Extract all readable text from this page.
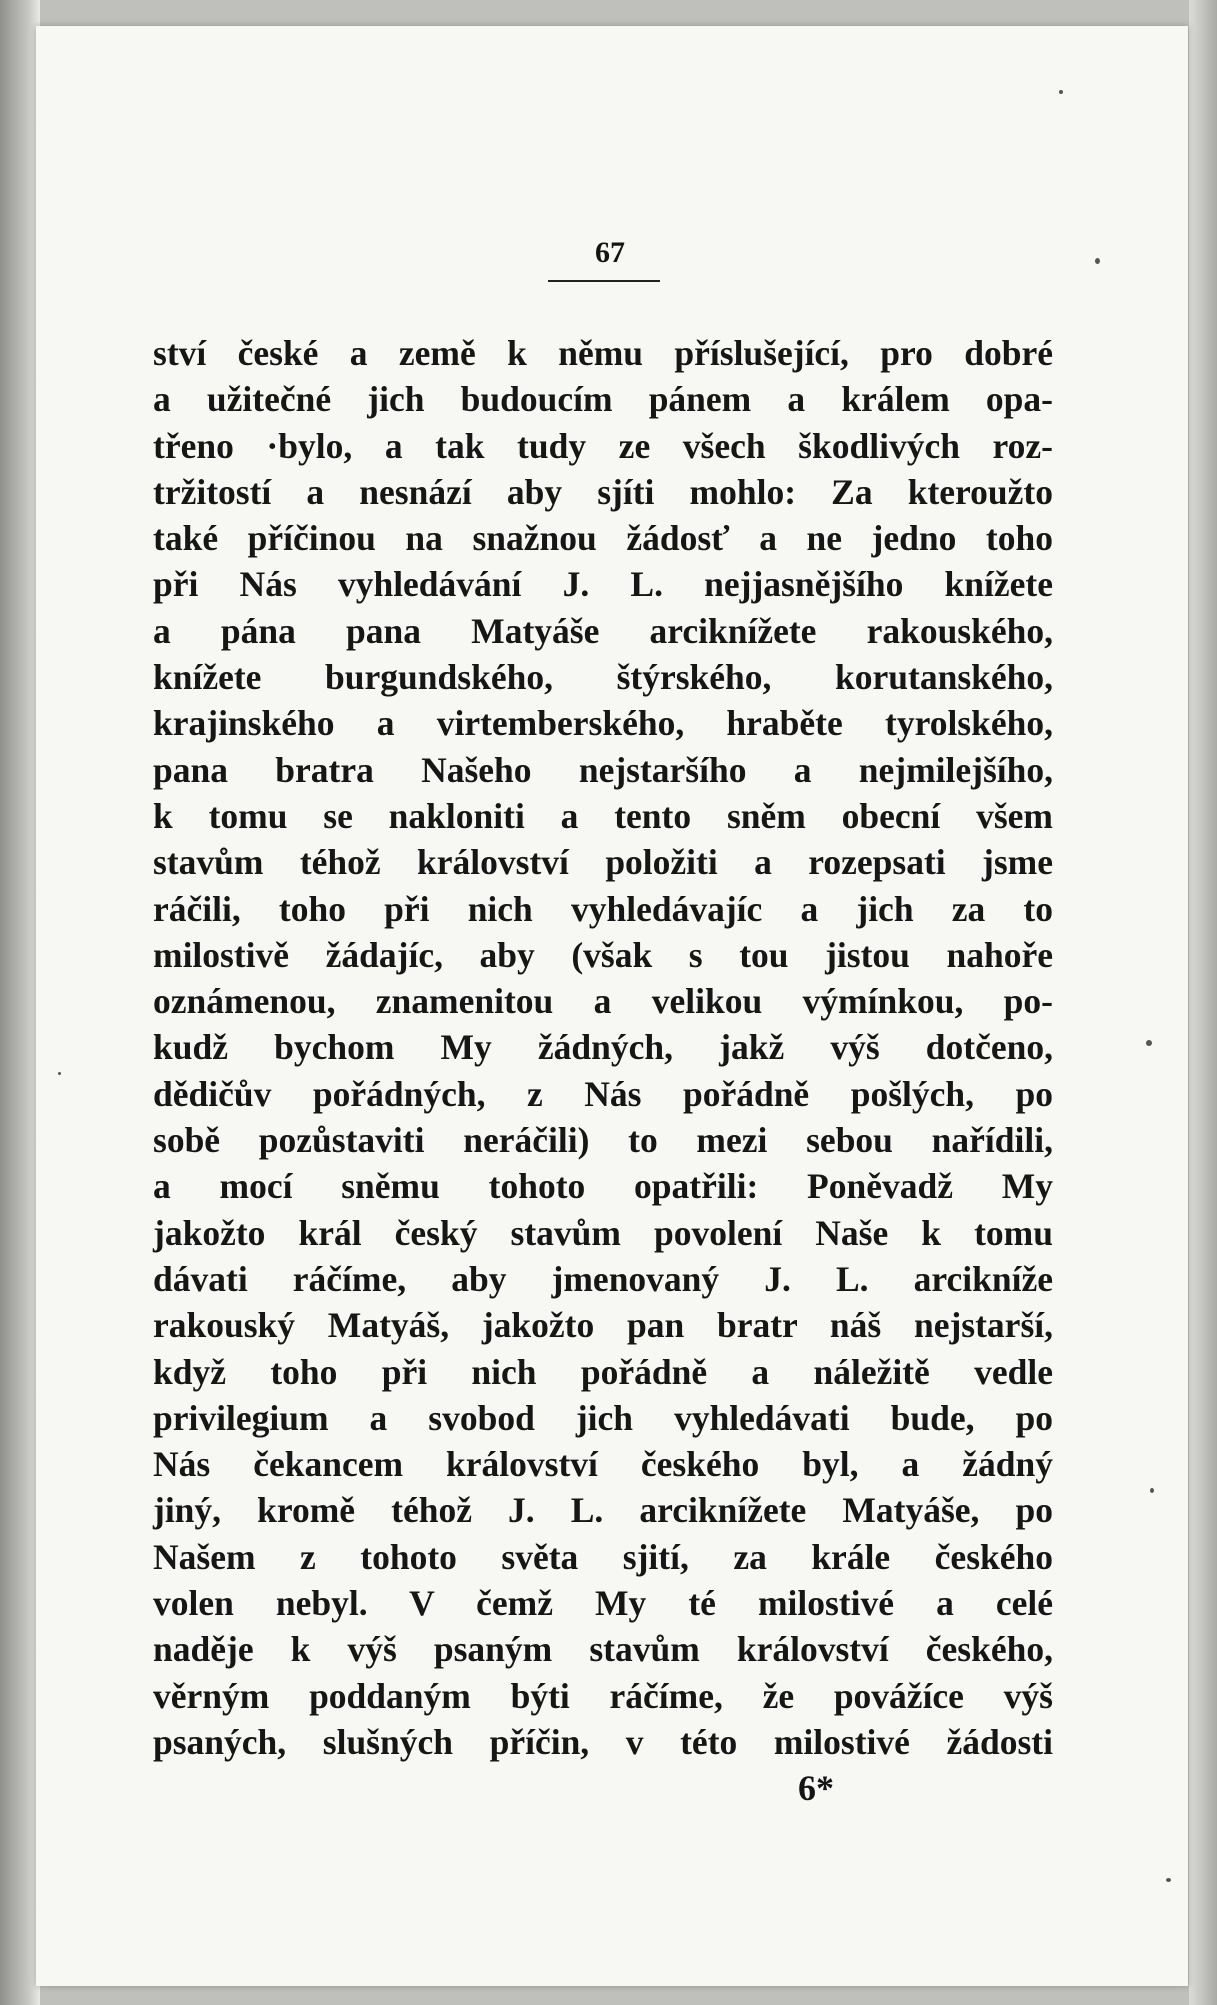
67
ství české a země k němu příslušející, pro dobré
a užitečné jich budoucím pánem a králem opa-
třeno ·bylo, a tak tudy ze všech škodlivých roz-
tržitostí a nesnází aby sjíti mohlo: Za kteroužto
také příčinou na snažnou žádosť a ne jedno toho
při Nás vyhledávání J. L. nejjasnějšího knížete
a pána pana Matyáše arciknížete rakouského,
knížete burgundského, štýrského, korutanského,
krajinského a virtemberského, hraběte tyrolského,
pana bratra Našeho nejstaršího a nejmilejšího,
k tomu se nakloniti a tento sněm obecní všem
stavům téhož království položiti a rozepsati jsme
ráčili, toho při nich vyhledávajíc a jich za to
milostivě žádajíc, aby (však s tou jistou nahoře
oznámenou, znamenitou a velikou výmínkou, po-
kudž bychom My žádných, jakž výš dotčeno,
dědičův pořádných, z Nás pořádně pošlých, po
sobě pozůstaviti neráčili) to mezi sebou nařídili,
a mocí sněmu tohoto opatřili: Poněvadž My
jakožto král český stavům povolení Naše k tomu
dávati ráčíme, aby jmenovaný J. L. arcikníže
rakouský Matyáš, jakožto pan bratr náš nejstarší,
když toho při nich pořádně a náležitě vedle
privilegium a svobod jich vyhledávati bude, po
Nás čekancem království českého byl, a žádný
jiný, kromě téhož J. L. arciknížete Matyáše, po
Našem z tohoto světa sjití, za krále českého
volen nebyl. V čemž My té milostivé a celé
naděje k výš psaným stavům království českého,
věrným poddaným býti ráčíme, že povážíce výš
psaných, slušných příčin, v této milostivé žádosti
6*
